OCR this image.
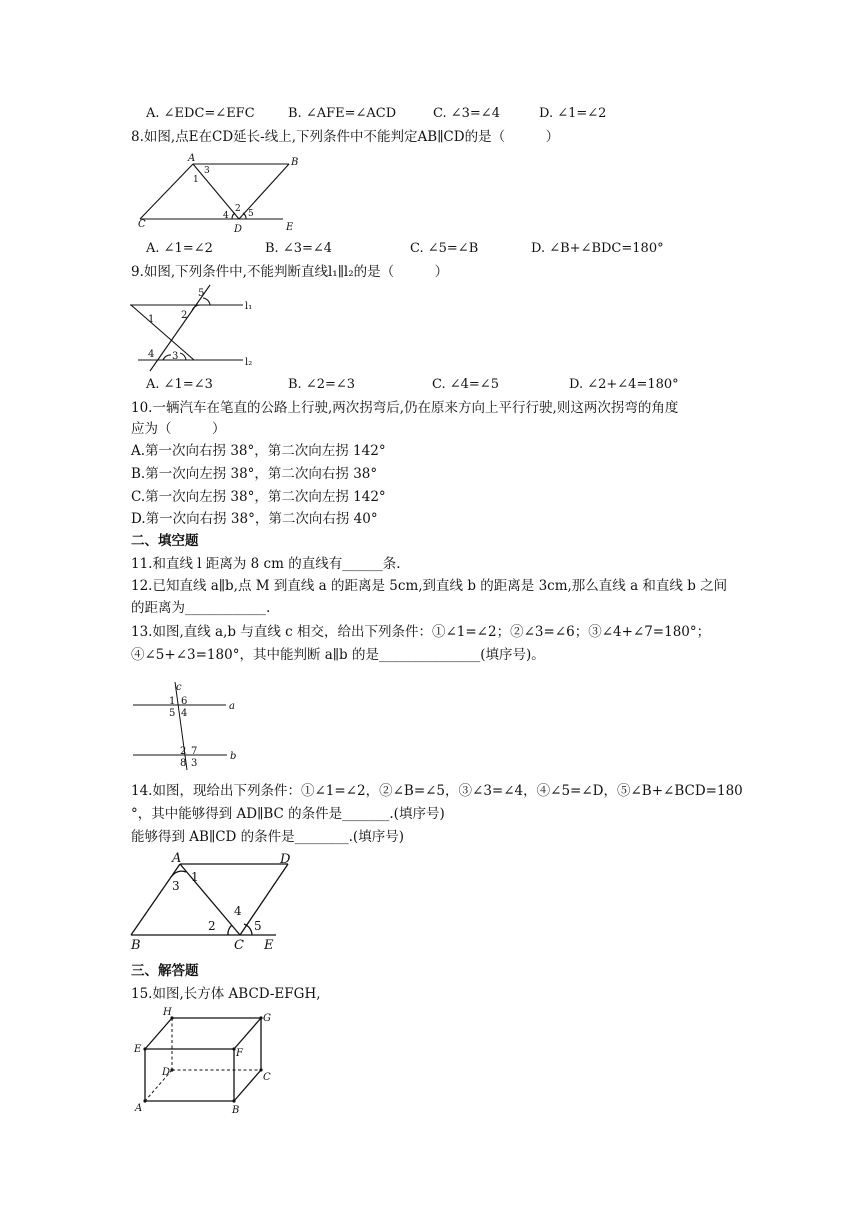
A. ∠EDC=∠EFC	B. ∠AFE=∠ACD	C. ∠3=∠4	D. ∠1=∠2
8.如图,点E在CD延长-线上,下列条件中不能判定AB∥CD的是（　　　）
A	B
C	D	E
1
2
3
4 5
A. ∠1=∠2	B. ∠3=∠4	C. ∠5=∠B	D. ∠B+∠BDC=180°
9.如图,下列条件中,不能判断直线l₁∥l₂的是（　　　）
l₁
l₂
1	2
3
4
5
A. ∠1=∠3	B. ∠2=∠3	C. ∠4=∠5	D. ∠2+∠4=180°
10.一辆汽车在笔直的公路上行驶,两次拐弯后,仍在原来方向上平行行驶,则这两次拐弯的角度
应为（　　　）
A.第一次向右拐 38°，第二次向左拐 142°
B.第一次向左拐 38°，第二次向右拐 38°
C.第一次向左拐 38°，第二次向左拐 142°
D.第一次向右拐 38°，第二次向右拐 40°
二、填空题
11.和直线 l 距离为 8 cm 的直线有______条.
12.已知直线 a∥b,点 M 到直线 a 的距离是 5cm,到直线 b 的距离是 3cm,那么直线 a 和直线 b 之间
的距离为____________.
13.如图,直线 a,b 与直线 c 相交，给出下列条件：①∠1=∠2；②∠3=∠6；③∠4+∠7=180°；
④∠5+∠3=180°，其中能判断 a∥b 的是_______________(填序号)。
c
a
b
1 6
5 4
2 7
8 3
14.如图，现给出下列条件：①∠1=∠2，②∠B=∠5，③∠3=∠4，④∠5=∠D，⑤∠B+∠BCD=180
°，其中能够得到 AD∥BC 的条件是_______.(填序号)
能够得到 AB∥CD 的条件是________.(填序号)
A	D
B	C E
1
2
3
4
5
三、解答题
15.如图,长方体 ABCD-EFGH,
H
G
E	F
D	C
A	B
